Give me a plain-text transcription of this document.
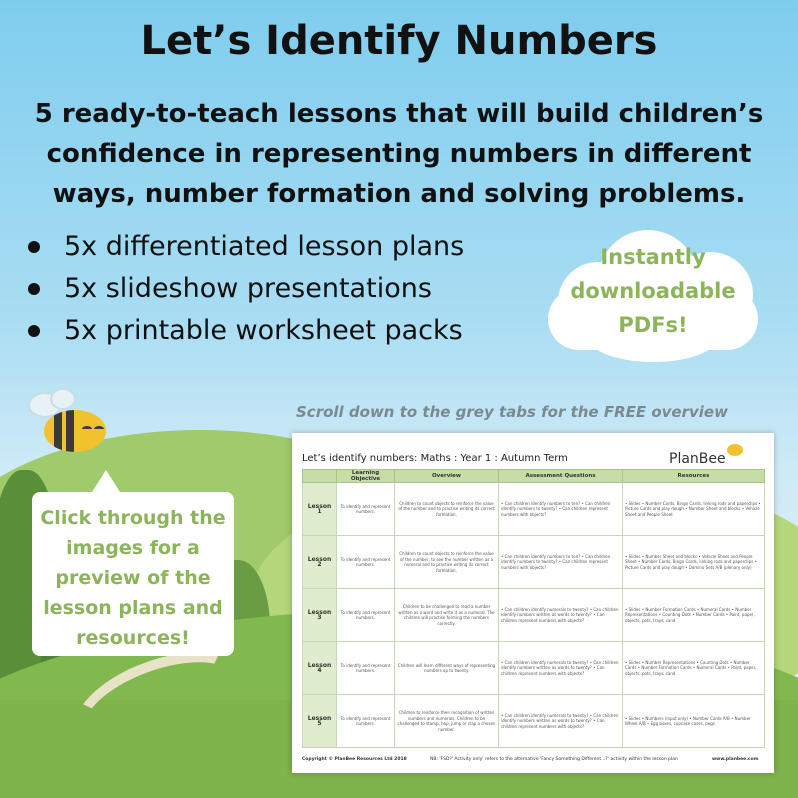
Let’s Identify Numbers
5 ready-to-teach lessons that will build children’s confidence in representing numbers in different ways, number formation and solving problems.
5x differentiated lesson plans
5x slideshow presentations
5x printable worksheet packs
Instantly downloadable PDFs!
Scroll down to the grey tabs for the FREE overview
Click through the images for a preview of the lesson plans and resources!
Let’s identify numbers: Maths : Year 1 : Autumn Term	PlanBee
	Learning Objective	Overview	Assessment Questions	Resources
Lesson 1	To identify and represent numbers.	Children to count objects to reinforce the value of the number and to practise writing its correct formation.	• Can children identify numbers to ten? • Can children identify numbers to twenty? • Can children represent numbers with objects?	• Slides • Number Cards, Bingo Cards, linking rods and paperclips • Picture Cards and play dough • Number Sheet and blocks • Vehicle Sheet and People Sheet
Lesson 2	To identify and represent numbers.	Children to count objects to reinforce the value of the number, to see the number written as a numeral and to practise writing its correct formation.	• Can children identify numbers to ten? • Can children identify numbers to twenty? • Can children represent numbers with objects?	• Slides • Number Sheet and blocks • Vehicle Sheet and People Sheet • Number Cards, Bingo Cards, linking rods and paperclips • Picture Cards and play dough • Domino Sets A/B (plenary only)
Lesson 3	To identify and represent numbers.	Children to be challenged to read a number written as a word and write it as a numeral. The children will practise forming the numbers correctly.	• Can children identify numerals to twenty? • Can children identify numbers written as words to twenty? • Can children represent numbers with objects?	• Slides • Number Formation Cards • Numeral Cards • Number Representations • Counting Dots • Number Cards • Paint, paper, objects, pots, trays, sand
Lesson 4	To identify and represent numbers.	Children will learn different ways of representing numbers up to twenty.	• Can children identify numerals to twenty? • Can children identify numbers written as words to twenty? • Can children represent numbers with objects?	• Slides • Number Representations • Counting Dots • Number Cards • Number Formation Cards • Numeral Cards • Paint, paper, objects, pots, trays, sand
Lesson 5	To identify and represent numbers.	Children to reinforce their recognition of written numbers and numerals. Children to be challenged to stamp, hop, jump or clap a chosen number.	• Can children identify numerals to twenty? • Can children identify numbers written as words to twenty? • Can children represent numbers with objects?	• Slides • Numbers (input only) • Number Cards A/B • Number Wheel A/B • Egg boxes, cupcake cases, pegs
Copyright © PlanBee Resources Ltd 2018	NB: 'FSD?' Activity only' refers to the alternative 'Fancy Something Different...?' activity within the lesson plan	www.planbee.com
